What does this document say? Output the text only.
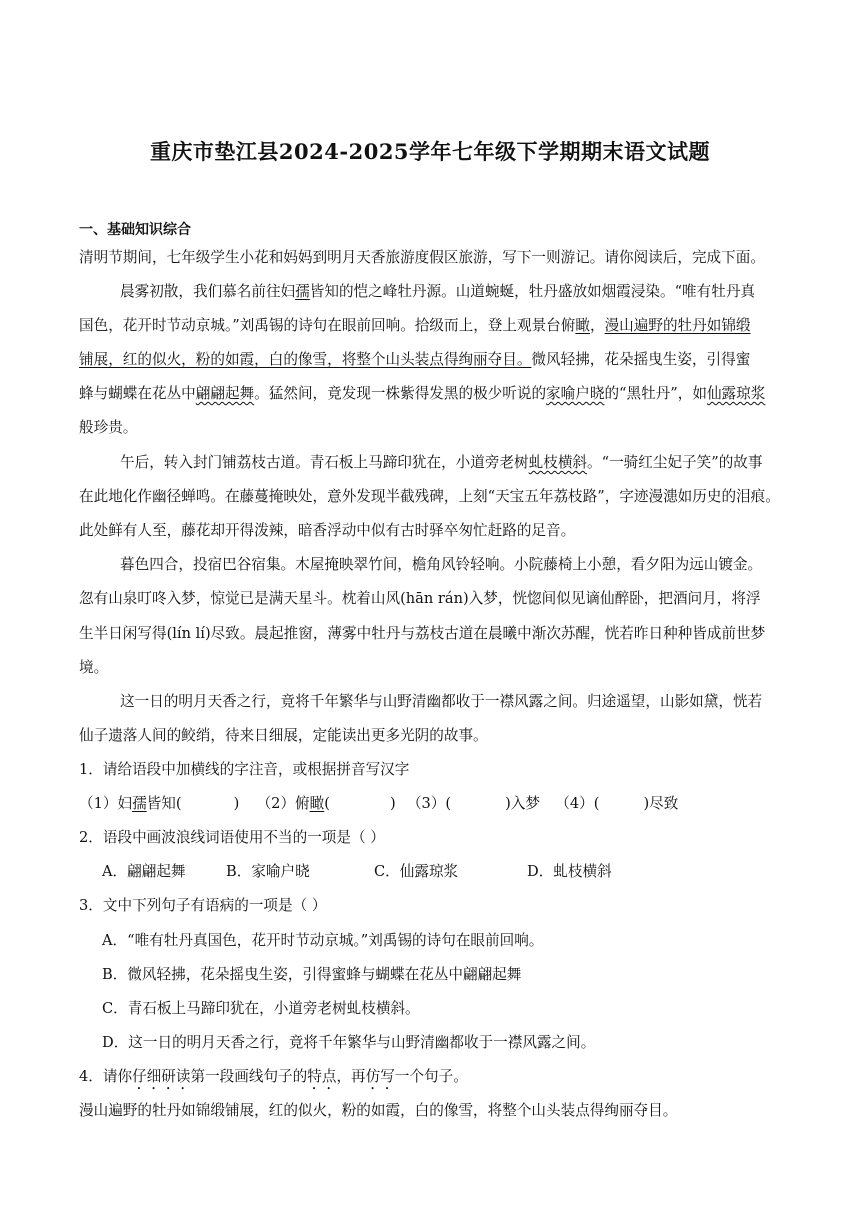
重庆市垫江县2024-2025学年七年级下学期期末语文试题
一、基础知识综合
清明节期间，七年级学生小花和妈妈到明月天香旅游度假区旅游，写下一则游记。请你阅读后，完成下面。
晨雾初散，我们慕名前往妇孺皆知的恺之峰牡丹源。山道蜿蜒，牡丹盛放如烟霞浸染。“唯有牡丹真
国色，花开时节动京城。”刘禹锡的诗句在眼前回响。拾级而上，登上观景台俯瞰，漫山遍野的牡丹如锦缎
铺展，红的似火，粉的如霞，白的像雪，将整个山头装点得绚丽夺目。微风轻拂，花朵摇曳生姿，引得蜜
蜂与蝴蝶在花丛中翩翩起舞。猛然间，竟发现一株紫得发黑的极少听说的家喻户晓的“黑牡丹”，如仙露琼浆
般珍贵。
午后，转入封门铺荔枝古道。青石板上马蹄印犹在，小道旁老树虬枝横斜。“一骑红尘妃子笑”的故事
在此地化作幽径蝉鸣。在藤蔓掩映处，意外发现半截残碑，上刻“天宝五年荔枝路”，字迹漫漶如历史的泪痕。
此处鲜有人至，藤花却开得泼辣，暗香浮动中似有古时驿卒匆忙赶路的足音。
暮色四合，投宿巴谷宿集。木屋掩映翠竹间，檐角风铃轻响。小院藤椅上小憩，看夕阳为远山镀金。
忽有山泉叮咚入梦，惊觉已是满天星斗。枕着山风(hān rán)入梦，恍惚间似见谪仙醉卧，把酒问月，将浮
生半日闲写得(lín lí)尽致。晨起推窗，薄雾中牡丹与荔枝古道在晨曦中渐次苏醒，恍若昨日种种皆成前世梦
境。
这一日的明月天香之行，竟将千年繁华与山野清幽都收于一襟风露之间。归途遥望，山影如黛，恍若
仙子遗落人间的鲛绡，待来日细展，定能读出更多光阴的故事。
1．请给语段中加横线的字注音，或根据拼音写汉字
（1）妇孺皆知(	) （2）俯瞰(	) （3）(	)入梦 （4）(	)尽致
2．语段中画波浪线词语使用不当的一项是（ ）
A．翩翩起舞	B．家喻户晓	C．仙露琼浆	D．虬枝横斜
3．文中下列句子有语病的一项是（ ）
A．“唯有牡丹真国色，花开时节动京城。”刘禹锡的诗句在眼前回响。
B．微风轻拂，花朵摇曳生姿，引得蜜蜂与蝴蝶在花丛中翩翩起舞
C．青石板上马蹄印犹在，小道旁老树虬枝横斜。
D．这一日的明月天香之行，竟将千年繁华与山野清幽都收于一襟风露之间。
4．请你仔细研读第一段画线句子的特点，再仿写一个句子。
漫山遍野的牡丹如锦缎铺展，红的似火，粉的如霞，白的像雪，将整个山头装点得绚丽夺目。
